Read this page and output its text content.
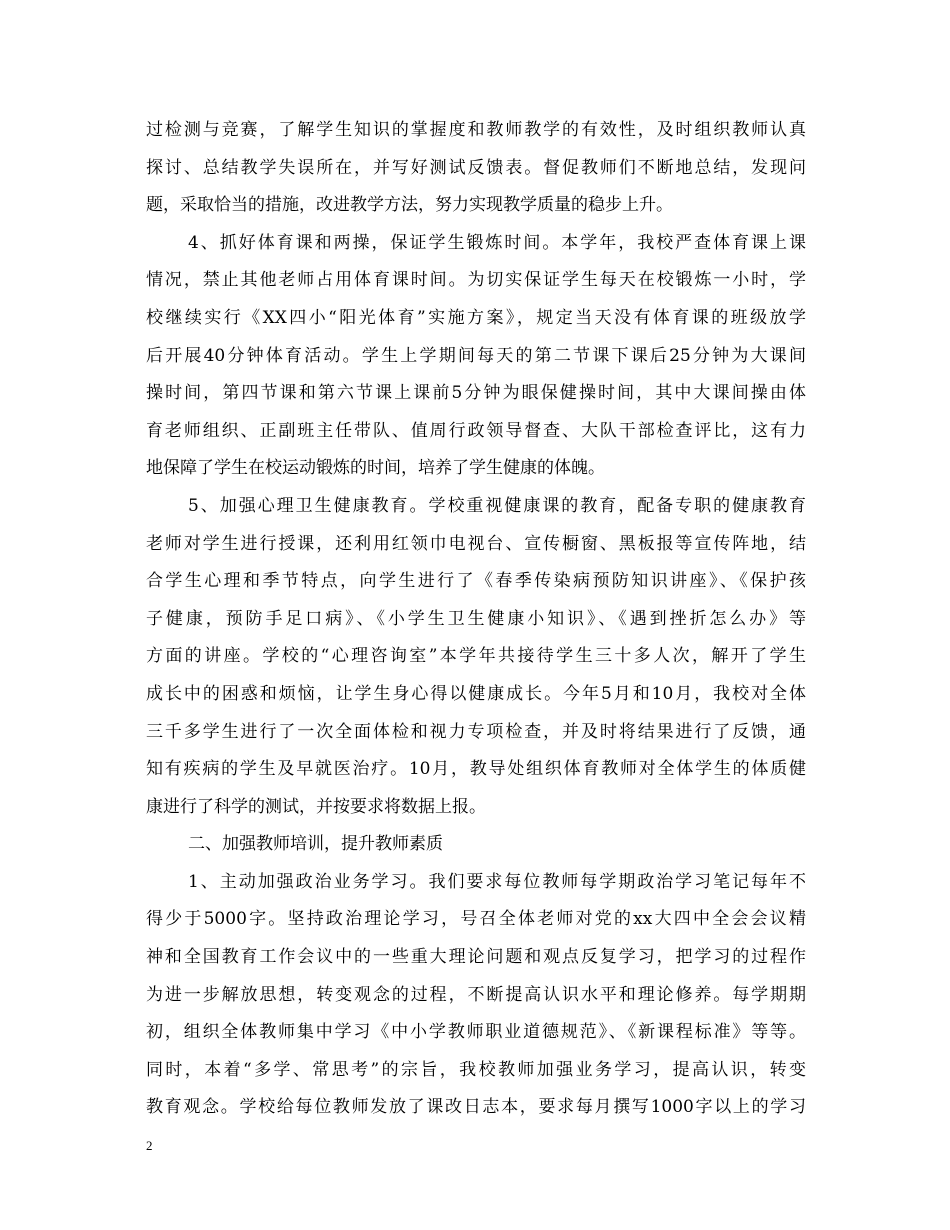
过检测与竞赛，了解学生知识的掌握度和教师教学的有效性，及时组织教师认真
探讨、总结教学失误所在，并写好测试反馈表。督促教师们不断地总结，发现问
题，采取恰当的措施，改进教学方法，努力实现教学质量的稳步上升。
4、抓好体育课和两操，保证学生锻炼时间。本学年，我校严查体育课上课
情况，禁止其他老师占用体育课时间。为切实保证学生每天在校锻炼一小时，学
校继续实行《XX四小“阳光体育”实施方案》，规定当天没有体育课的班级放学
后开展40分钟体育活动。学生上学期间每天的第二节课下课后25分钟为大课间
操时间，第四节课和第六节课上课前5分钟为眼保健操时间，其中大课间操由体
育老师组织、正副班主任带队、值周行政领导督查、大队干部检查评比，这有力
地保障了学生在校运动锻炼的时间，培养了学生健康的体魄。
5、加强心理卫生健康教育。学校重视健康课的教育，配备专职的健康教育
老师对学生进行授课，还利用红领巾电视台、宣传橱窗、黑板报等宣传阵地，结
合学生心理和季节特点，向学生进行了《春季传染病预防知识讲座》、《保护孩
子健康，预防手足口病》、《小学生卫生健康小知识》、《遇到挫折怎么办》等
方面的讲座。学校的“心理咨询室”本学年共接待学生三十多人次，解开了学生
成长中的困惑和烦恼，让学生身心得以健康成长。今年5月和10月，我校对全体
三千多学生进行了一次全面体检和视力专项检查，并及时将结果进行了反馈，通
知有疾病的学生及早就医治疗。10月，教导处组织体育教师对全体学生的体质健
康进行了科学的测试，并按要求将数据上报。
二、加强教师培训，提升教师素质
1、主动加强政治业务学习。我们要求每位教师每学期政治学习笔记每年不
得少于5000字。坚持政治理论学习，号召全体老师对党的xx大四中全会会议精
神和全国教育工作会议中的一些重大理论问题和观点反复学习，把学习的过程作
为进一步解放思想，转变观念的过程，不断提高认识水平和理论修养。每学期期
初，组织全体教师集中学习《中小学教师职业道德规范》、《新课程标准》等等。
同时，本着“多学、常思考”的宗旨，我校教师加强业务学习，提高认识，转变
教育观念。学校给每位教师发放了课改日志本，要求每月撰写1000字以上的学习
2
